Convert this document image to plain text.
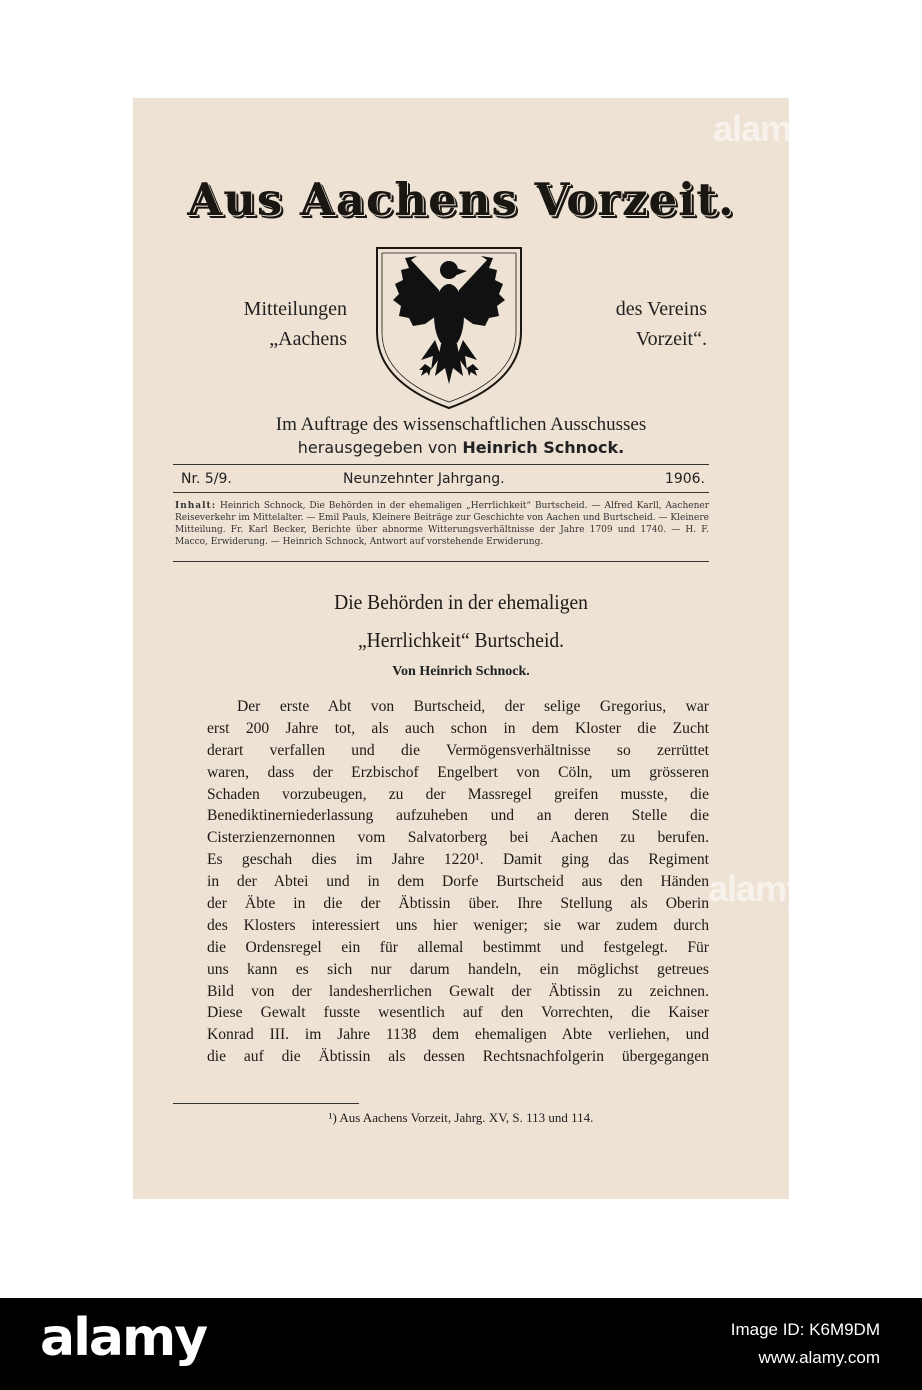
alamy
alamy
Aus Aachens Vorzeit.
Mitteilungen
„Aachens
des Vereins
Vorzeit“.
Im Auftrage des wissenschaftlichen Ausschusses
herausgegeben von Heinrich Schnock.
Nr. 5/9.	Neunzehnter Jahrgang.	1906.

Inhalt: Heinrich Schnock, Die Behörden in der ehemaligen „Herrlichkeit“ Burtscheid. — Alfred Karll, Aachener Reiseverkehr im Mittelalter. — Emil Pauls, Kleinere Beiträge zur Geschichte von Aachen und Burtscheid. — Kleinere Mitteilung. Fr. Karl Becker, Berichte über abnorme Witterungsverhältnisse der Jahre 1709 und 1740. — H. F. Macco, Erwiderung. — Heinrich Schnock, Antwort auf vorstehende Erwiderung.

Die Behörden in der ehemaligen
„Herrlichkeit“ Burtscheid.
Von Heinrich Schnock.
Der erste Abt von Burtscheid, der selige Gregorius, war
erst 200 Jahre tot, als auch schon in dem Kloster die Zucht
derart verfallen und die Vermögensverhältnisse so zerrüttet
waren, dass der Erzbischof Engelbert von Cöln, um grösseren
Schaden vorzubeugen, zu der Massregel greifen musste, die
Benediktinerniederlassung aufzuheben und an deren Stelle die
Cisterzienzernonnen vom Salvatorberg bei Aachen zu berufen.
Es geschah dies im Jahre 1220¹. Damit ging das Regiment
in der Abtei und in dem Dorfe Burtscheid aus den Händen
der Äbte in die der Äbtissin über. Ihre Stellung als Oberin
des Klosters interessiert uns hier weniger; sie war zudem durch
die Ordensregel ein für allemal bestimmt und festgelegt. Für
uns kann es sich nur darum handeln, ein möglichst getreues
Bild von der landesherrlichen Gewalt der Äbtissin zu zeichnen.
Diese Gewalt fusste wesentlich auf den Vorrechten, die Kaiser
Konrad III. im Jahre 1138 dem ehemaligen Abte verliehen, und
die auf die Äbtissin als dessen Rechtsnachfolgerin übergegangen
¹) Aus Aachens Vorzeit, Jahrg. XV, S. 113 und 114.
alamy	Image ID: K6M9DM
www.alamy.com
